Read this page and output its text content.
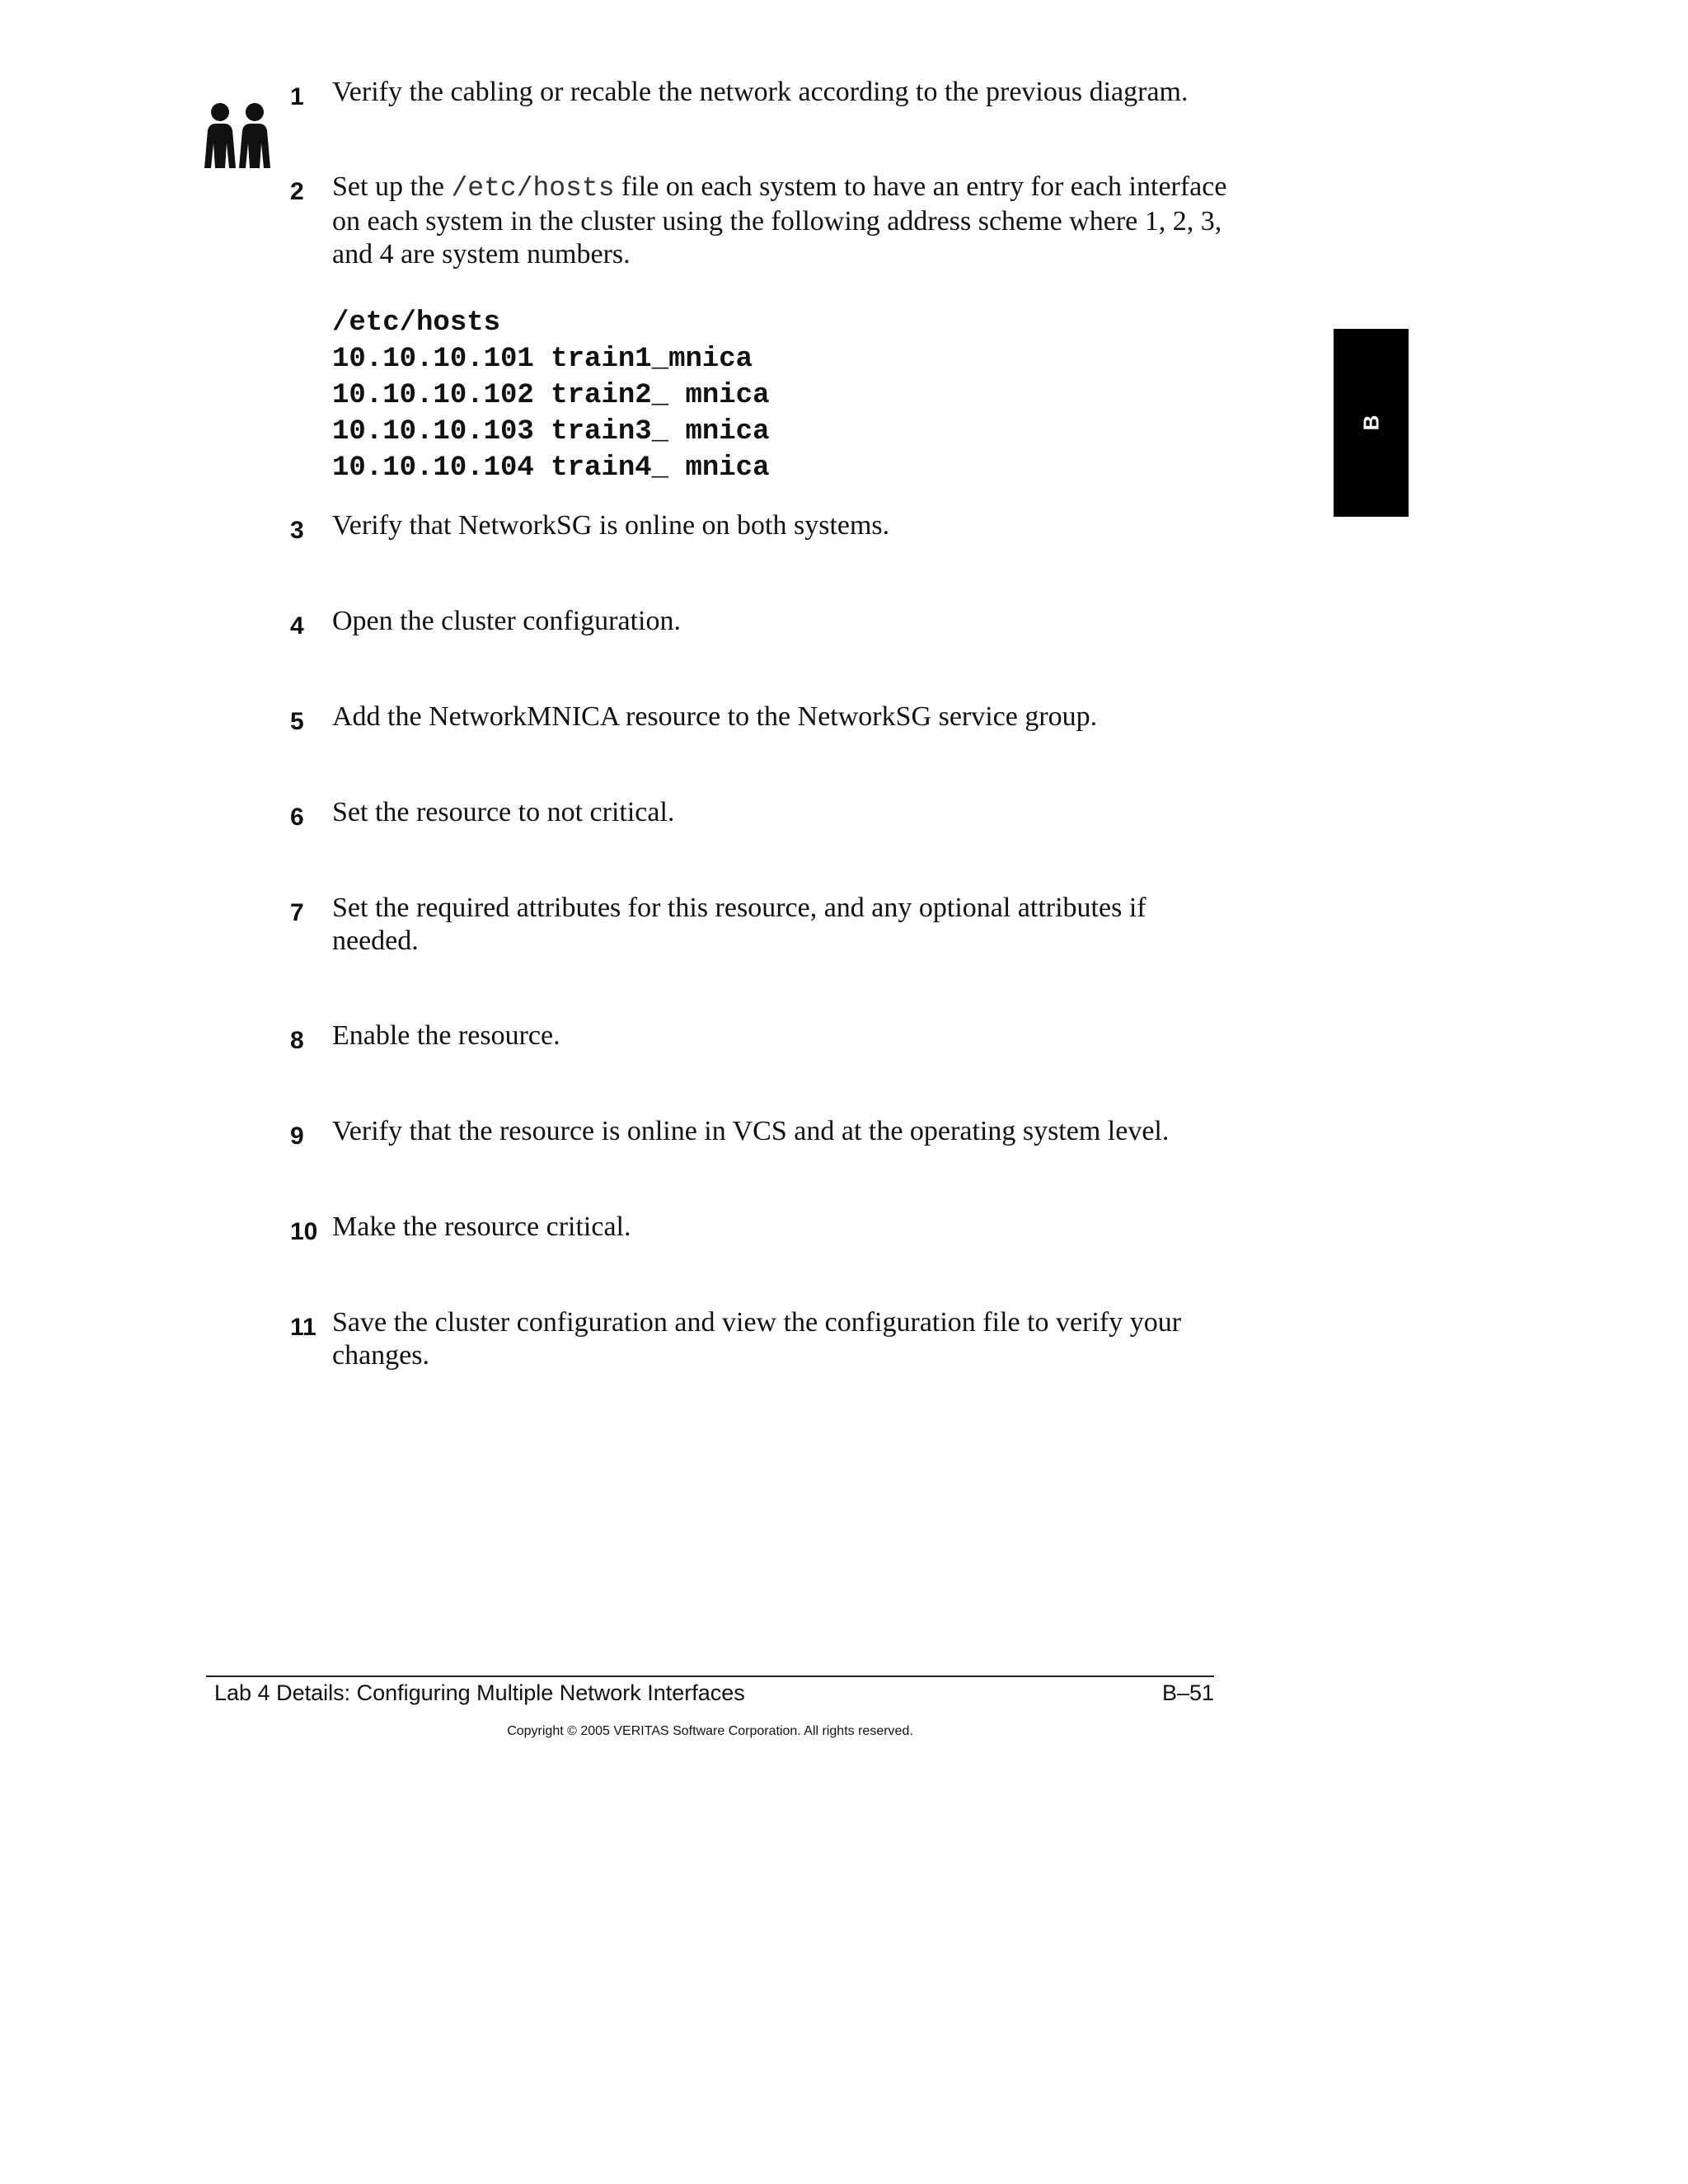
1	Verify the cabling or recable the network according to the previous diagram.
2	Set up the /etc/hosts file on each system to have an entry for each interface on each system in the cluster using the following address scheme where 1, 2, 3, and 4 are system numbers.
/etc/hosts
10.10.10.101 train1_mnica
10.10.10.102 train2_ mnica
10.10.10.103 train3_ mnica
10.10.10.104 train4_ mnica
3	Verify that NetworkSG is online on both systems.
4	Open the cluster configuration.
5	Add the NetworkMNICA resource to the NetworkSG service group.
6	Set the resource to not critical.
7	Set the required attributes for this resource, and any optional attributes if needed.
8	Enable the resource.
9	Verify that the resource is online in VCS and at the operating system level.
10 Make the resource critical.
11 Save the cluster configuration and view the configuration file to verify your changes.
B
Lab 4 Details: Configuring Multiple Network Interfaces	B–51
Copyright © 2005 VERITAS Software Corporation. All rights reserved.
